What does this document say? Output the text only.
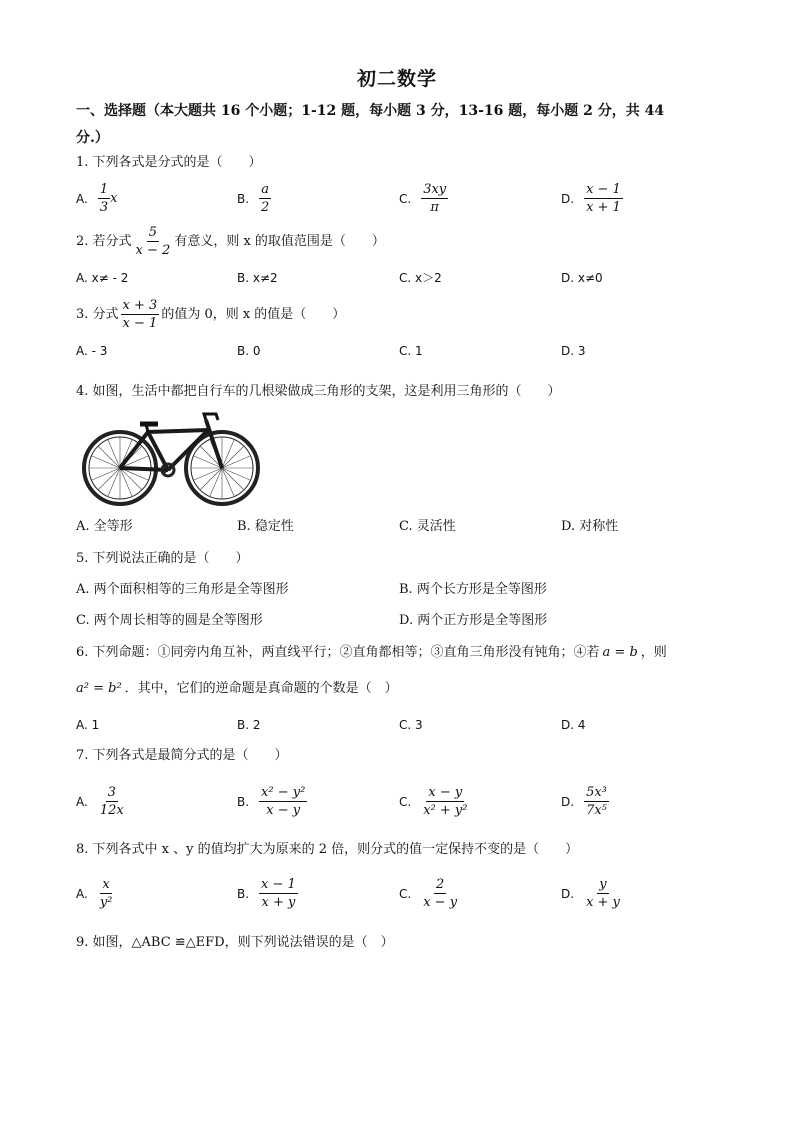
初二数学
一、选择题（本大题共 16 个小题；1-12 题，每小题 3 分，13-16 题，每小题 2 分，共 44
分.）
1. 下列各式是分式的是（　　）
A. $\frac{1}{3}$ x	B. $\frac{a}{2}$	C. $\frac{3xy}{\pi}$	D. $\frac{x - 1}{x + 1}$
2. 若分式 $\frac{5}{x - 2}$ 有意义，则 x 的取值范围是（　　）
A. x≠ - 2	B. x≠2	C. x＞2	D. x≠0
3. 分式 $\frac{x + 3}{x - 1}$ 的值为 0，则 x 的值是（　　）
A. - 3	B. 0	C. 1	D. 3
4. 如图，生活中都把自行车的几根梁做成三角形的支架，这是利用三角形的（　　）
A. 全等形	B. 稳定性	C. 灵活性	D. 对称性
5. 下列说法正确的是（　　）
A. 两个面积相等的三角形是全等图形	B. 两个长方形是全等图形
C. 两个周长相等的圆是全等图形	D. 两个正方形是全等图形
6. 下列命题：①同旁内角互补，两直线平行；②直角都相等；③直角三角形没有钝角；④若 a = b ，则
a² = b² ．其中，它们的逆命题是真命题的个数是（　）
A. 1	B. 2	C. 3	D. 4
7. 下列各式是最简分式的是（　　）
A. $\frac{3}{12x}$	B. $\frac{\text{x² − y²}}{x - y}$	C. $\frac{x - y}{\text{x² + y²}}$	D. $\frac{\text{5x³}}{\text{7x⁵}}$
8. 下列各式中 x 、y 的值均扩大为原来的 2 倍，则分式的值一定保持不变的是（　　）
A. $\frac{x}{\text{y²}}$	B. $\frac{x - 1}{x + y}$	C. $\frac{2}{x - y}$	D. $\frac{y}{x + y}$
9. 如图，△ABC ≌△EFD，则下列说法错误的是（　）
